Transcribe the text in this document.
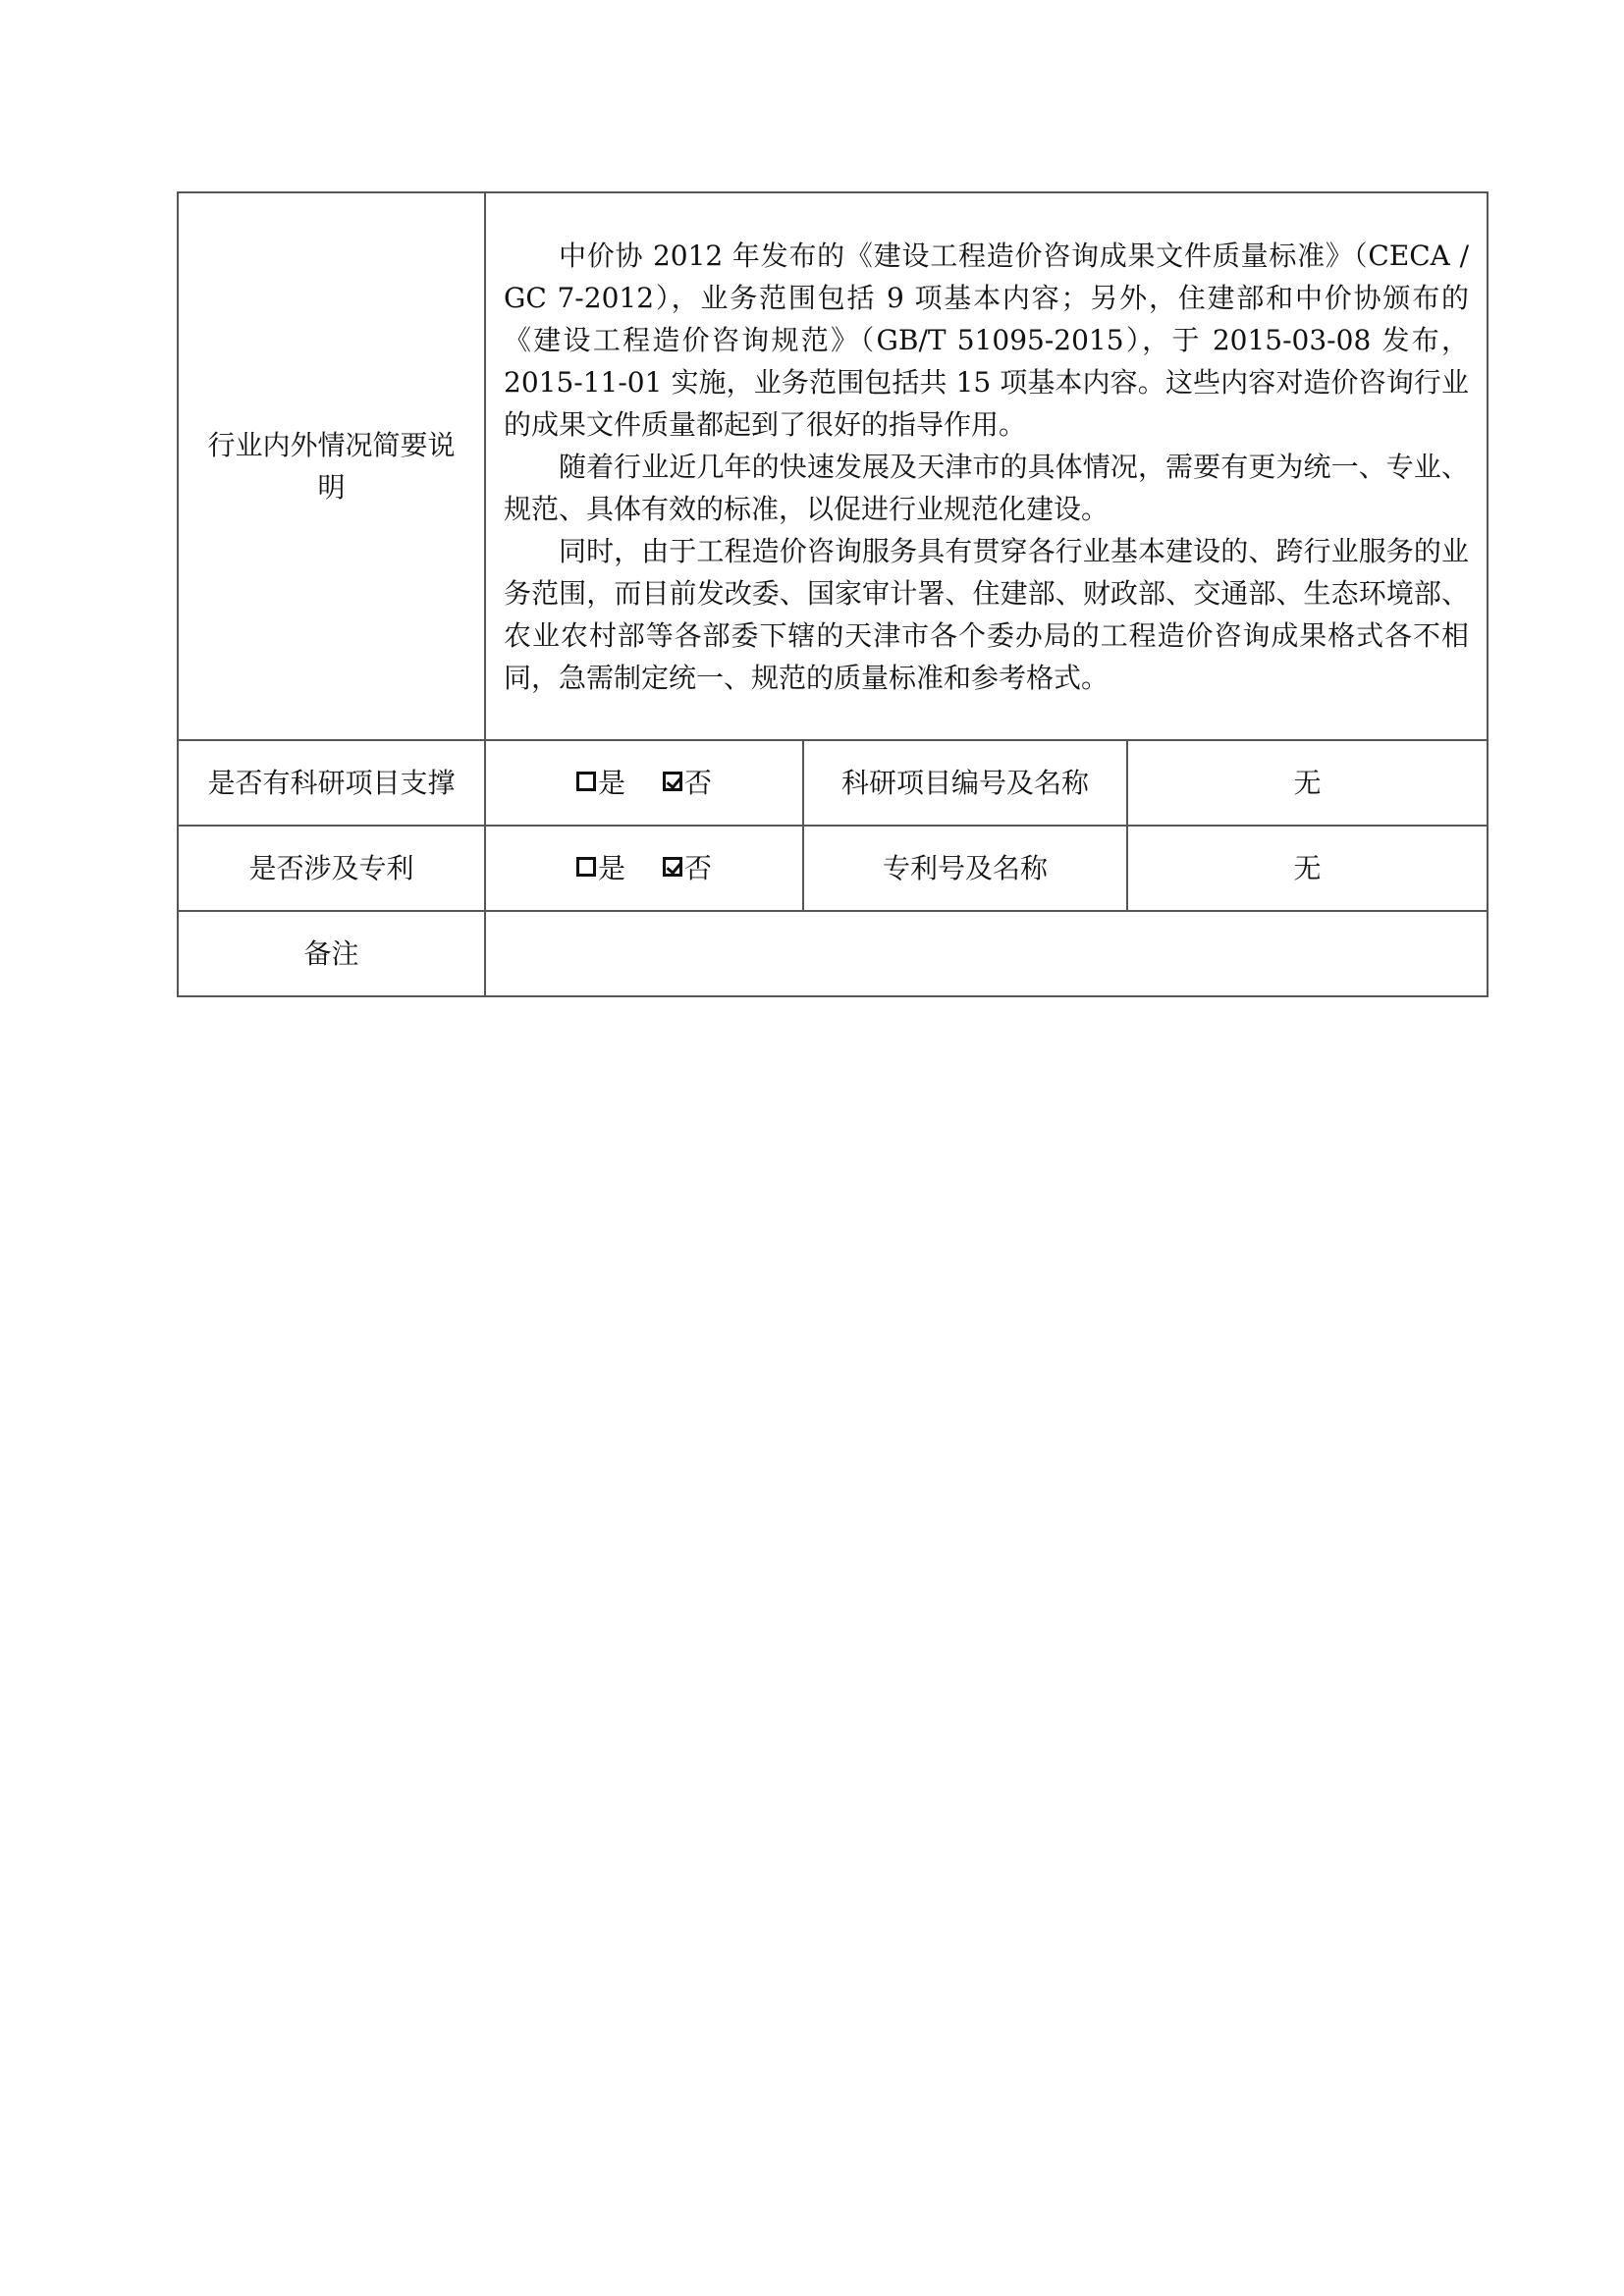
行业内外情况简要说明	中价协 2012 年发布的《建设工程造价咨询成果文件质量标准》（CECA / GC 7-2012），业务范围包括 9 项基本内容；另外，住建部和中价协颁布的《建设工程造价咨询规范》（GB/T 51095-2015），于 2015-03-08 发布，2015-11-01 实施，业务范围包括共 15 项基本内容。这些内容对造价咨询行业的成果文件质量都起到了很好的指导作用。

随着行业近几年的快速发展及天津市的具体情况，需要有更为统一、专业、规范、具体有效的标准，以促进行业规范化建设。

同时，由于工程造价咨询服务具有贯穿各行业基本建设的、跨行业服务的业务范围，而目前发改委、国家审计署、住建部、财政部、交通部、生态环境部、农业农村部等各部委下辖的天津市各个委办局的工程造价咨询成果格式各不相同，急需制定统一、规范的质量标准和参考格式。		

是否有科研项目支撑	是 否	科研项目编号及名称	无
是否涉及专利	是 否	专利号及名称	无
备注			
